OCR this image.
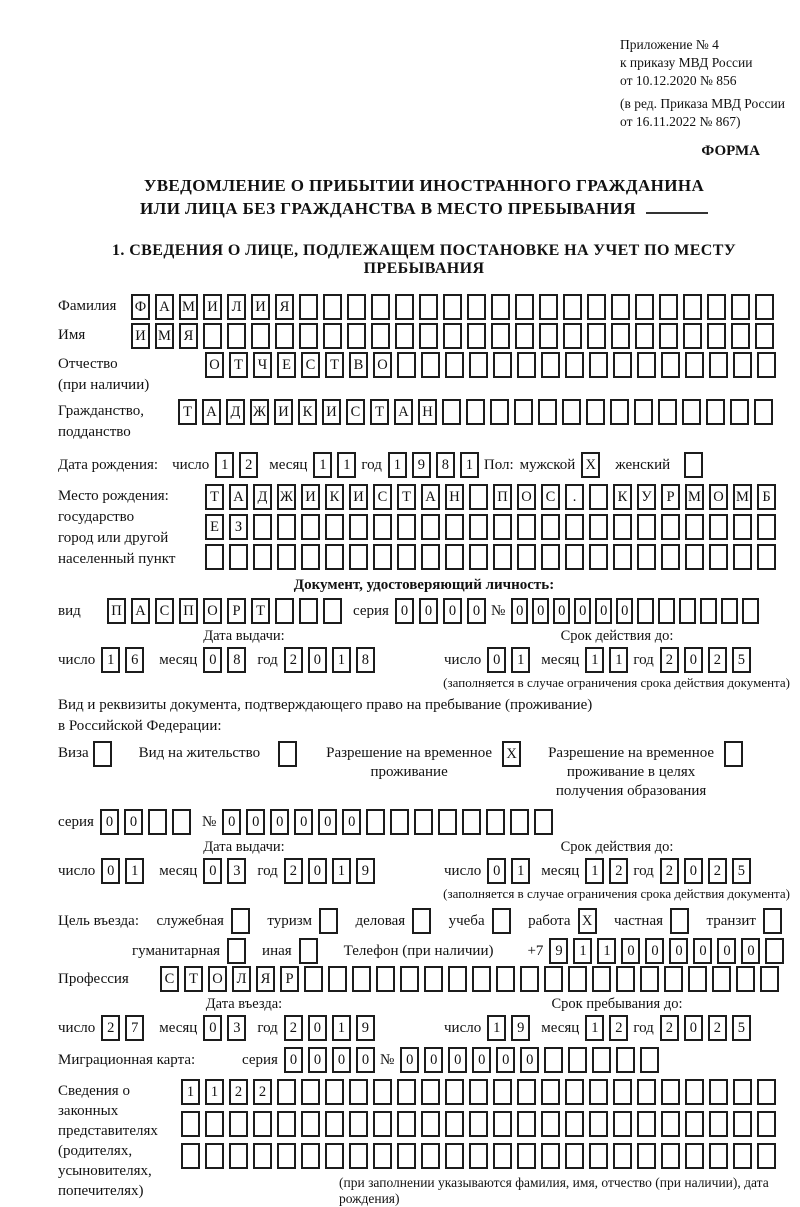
Приложение № 4
к приказу МВД России
от 10.12.2020 № 856
(в ред. Приказа МВД России
от 16.11.2022 № 867)
ФОРМА
УВЕДОМЛЕНИЕ О ПРИБЫТИИ ИНОСТРАННОГО ГРАЖДАНИНА
ИЛИ ЛИЦА БЕЗ ГРАЖДАНСТВА В МЕСТО ПРЕБЫВАНИЯ
1. СВЕДЕНИЯ О ЛИЦЕ, ПОДЛЕЖАЩЕМ ПОСТАНОВКЕ НА УЧЕТ ПО МЕСТУ ПРЕБЫВАНИЯ
Фамилия	Ф А М И Л И Я
Имя	И М Я
Отчество
(при наличии)
О Т	Ч	Е	С	Т	В О
Гражданство,
подданство
Т А Д Ж И К И С	Т А Н
Дата рождения: число 1	2	месяц 1	1 год 1	9	8	1 Пол: мужской X женский
Место рождения:
государство
город или другой
населенный пункт
Т А Д Ж И К И С	Т А Н	П О С	.	К У	Р М О М Б
Е	З
Документ, удостоверяющий личность:
вид	П А С П О	Р	Т	серия 0	0	0	0 № 0 0 0 0 0 0
Дата выдачи:
число 1	6	месяц 0	8	год 2	0	1	8
Срок действия до:
число 0	1	месяц 1	1 год 2	0	2	5
(заполняется в случае ограничения срока действия документа)
Вид и реквизиты документа, подтверждающего право на пребывание (проживание)
в Российской Федерации:
Виза	Вид на жительство	Разрешение на временное
проживание
X Разрешение на временное
проживание в целях
получения образования
серия 0	0	№ 0	0	0	0	0	0
Дата выдачи:
число 0	1	месяц 0	3	год 2	0	1	9
Срок действия до:
число 0	1	месяц 1	2 год 2	0	2	5
(заполняется в случае ограничения срока действия документа)
Цель въезда: служебная	туризм	деловая	учеба	работа X частная	транзит
гуманитарная	иная	Телефон (при наличии) +7 9	1	1	0	0	0	0	0	0
Профессия	С	Т О Л Я	Р
Дата въезда:
число 2	7	месяц 0	3	год 2	0	1	9
Срок пребывания до:
число 1	9	месяц 1	2 год 2	0	2	5
Миграционная карта:	серия 0	0	0	0 № 0	0	0	0	0	0
Сведения о
законных
представителях
(родителях,
усыновителях,
попечителях)
1	1	2	2
(при заполнении указываются фамилия, имя, отчество (при наличии), дата рождения)
